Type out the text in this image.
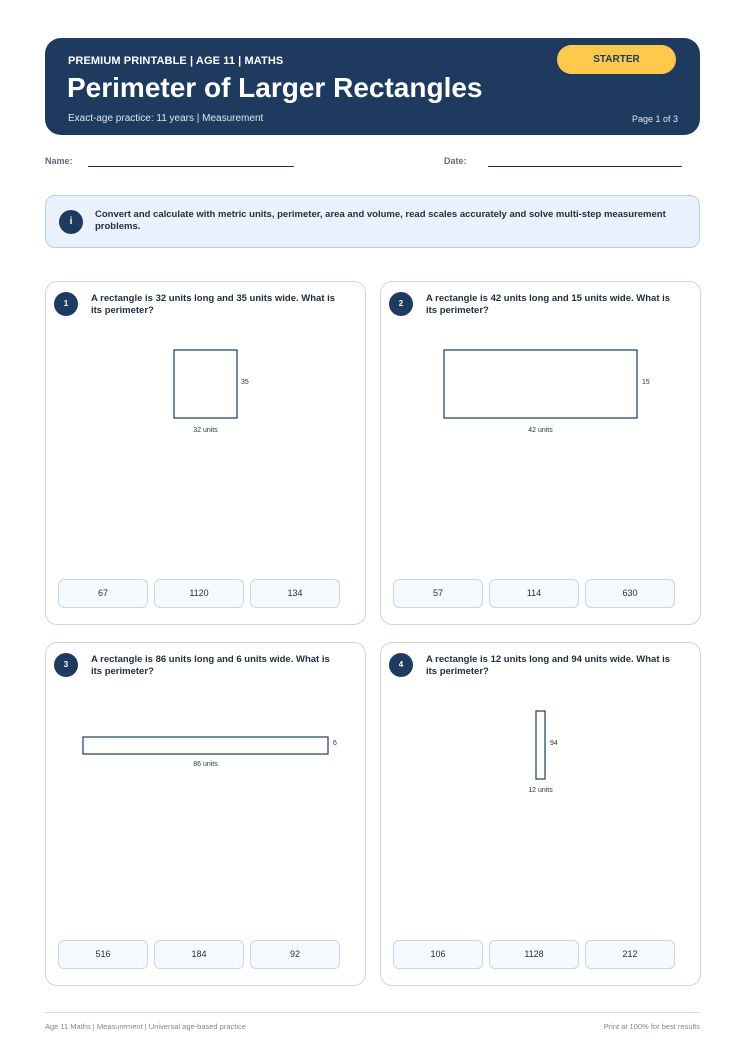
PREMIUM PRINTABLE | AGE 11 | MATHS
Perimeter of Larger Rectangles
Exact-age practice: 11 years | Measurement	Page 1 of 3
STARTER
Name:	Date:
i
Convert and calculate with metric units, perimeter, area and volume, read scales accurately and solve multi-step measurement problems.
1	A rectangle is 32 units long and 35 units wide. What is its perimeter?
35
32 units
67	1120	134
2	A rectangle is 42 units long and 15 units wide. What is its perimeter?
15
42 units
57	114	630
3	A rectangle is 86 units long and 6 units wide. What is its perimeter?
6
86 units
516	184	92
4	A rectangle is 12 units long and 94 units wide. What is its perimeter?
94
12 units
106	1128	212
Age 11 Maths | Measurement | Universal age-based practice	Print at 100% for best results
